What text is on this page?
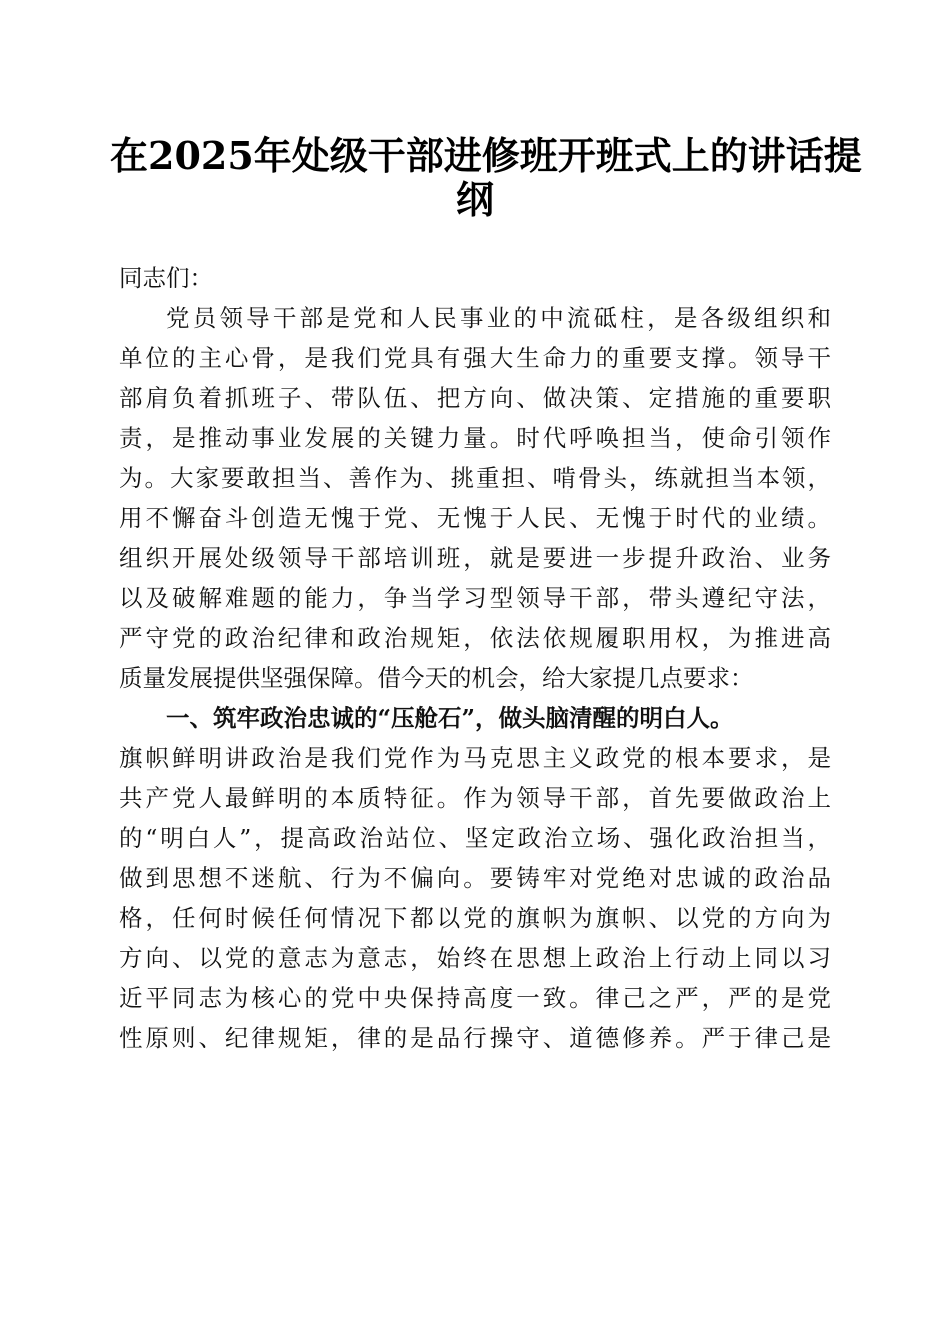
在2025年处级干部进修班开班式上的讲话提
纲
同志们：
党员领导干部是党和人民事业的中流砥柱，是各级组织和
单位的主心骨，是我们党具有强大生命力的重要支撑。领导干
部肩负着抓班子、带队伍、把方向、做决策、定措施的重要职
责，是推动事业发展的关键力量。时代呼唤担当，使命引领作
为。大家要敢担当、善作为、挑重担、啃骨头，练就担当本领，
用不懈奋斗创造无愧于党、无愧于人民、无愧于时代的业绩。
组织开展处级领导干部培训班，就是要进一步提升政治、业务
以及破解难题的能力，争当学习型领导干部，带头遵纪守法，
严守党的政治纪律和政治规矩，依法依规履职用权，为推进高
质量发展提供坚强保障。借今天的机会，给大家提几点要求：
一、筑牢政治忠诚的“压舱石”，做头脑清醒的明白人。
旗帜鲜明讲政治是我们党作为马克思主义政党的根本要求，是
共产党人最鲜明的本质特征。作为领导干部，首先要做政治上
的“明白人”，提高政治站位、坚定政治立场、强化政治担当，
做到思想不迷航、行为不偏向。要铸牢对党绝对忠诚的政治品
格，任何时候任何情况下都以党的旗帜为旗帜、以党的方向为
方向、以党的意志为意志，始终在思想上政治上行动上同以习
近平同志为核心的党中央保持高度一致。律己之严，严的是党
性原则、纪律规矩，律的是品行操守、道德修养。严于律己是
